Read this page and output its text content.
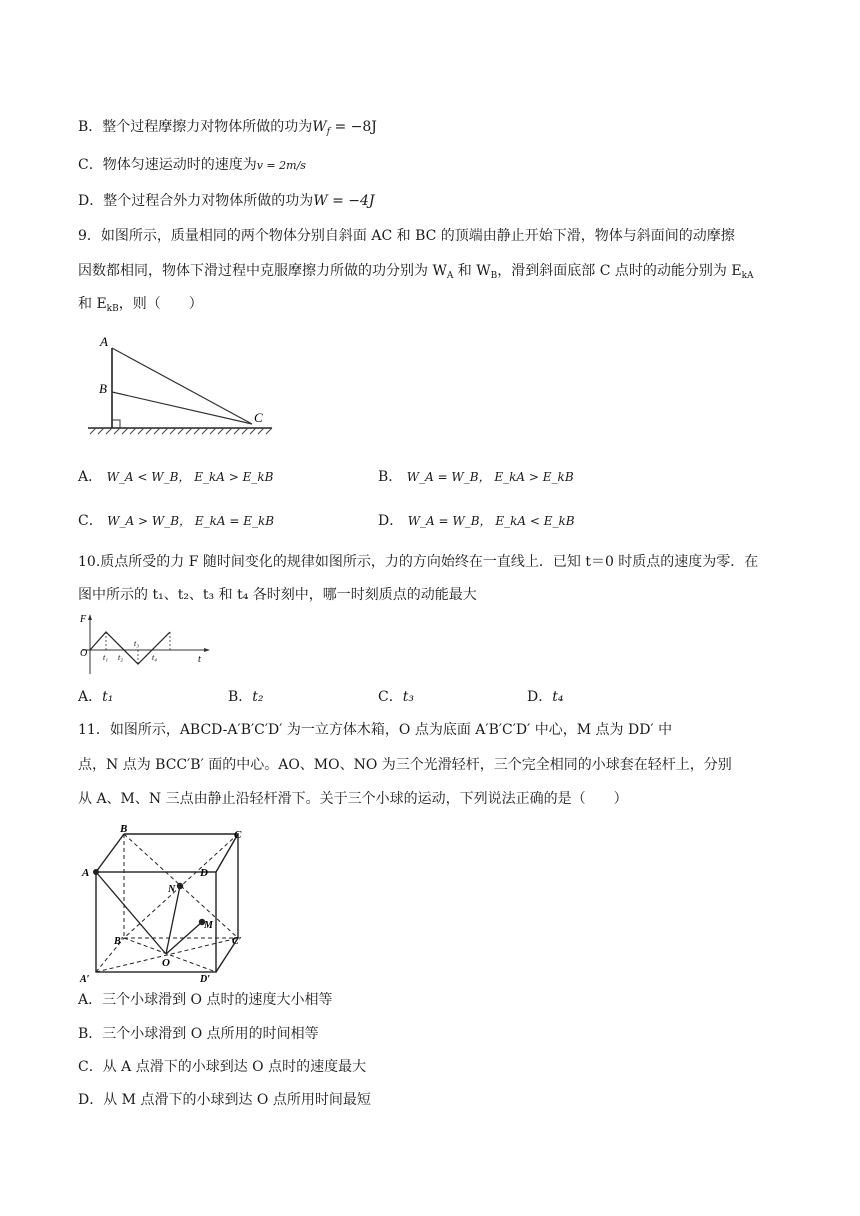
B．整个过程摩擦力对物体所做的功为$W_f = -8J$
C．物体匀速运动时的速度为v = 2m/s
D．整个过程合外力对物体所做的功为W = −4J
9．如图所示，质量相同的两个物体分别自斜面 AC 和 BC 的顶端由静止开始下滑，物体与斜面间的动摩擦
因数都相同，物体下滑过程中克服摩擦力所做的功分别为 $W_A$ 和 $W_B$，滑到斜面底部 C 点时的动能分别为 $E_{kA}$
和 $E_{kB}$，则（　　）
A
B
C
A． W_A < W_B， E_kA > E_kB	B． W_A = W_B， E_kA > E_kB
C． W_A > W_B， E_kA = E_kB	D． W_A = W_B， E_kA < E_kB
10.质点所受的力 F 随时间变化的规律如图所示，力的方向始终在一直线上．已知 t＝0 时质点的速度为零．在
图中所示的 t₁、t₂、t₃ 和 t₄ 各时刻中，哪一时刻质点的动能最大
F
O
t
t₁ t₂
t₃
t₄
A．t₁	B．t₂	C．t₃	D．t₄
11．如图所示，ABCD-A′B′C′D′ 为一立方体木箱，O 点为底面 A′B′C′D′ 中心，M 点为 DD′ 中
点，N 点为 BCC′B′ 面的中心。AO、MO、NO 为三个光滑轻杆，三个完全相同的小球套在轻杆上，分别
从 A、M、N 三点由静止沿轻杆滑下。关于三个小球的运动，下列说法正确的是（　　）
B	C
A	D
N
M
B′	C′
O
A′	D′
A．三个小球滑到 O 点时的速度大小相等
B．三个小球滑到 O 点所用的时间相等
C．从 A 点滑下的小球到达 O 点时的速度最大
D．从 M 点滑下的小球到达 O 点所用时间最短
